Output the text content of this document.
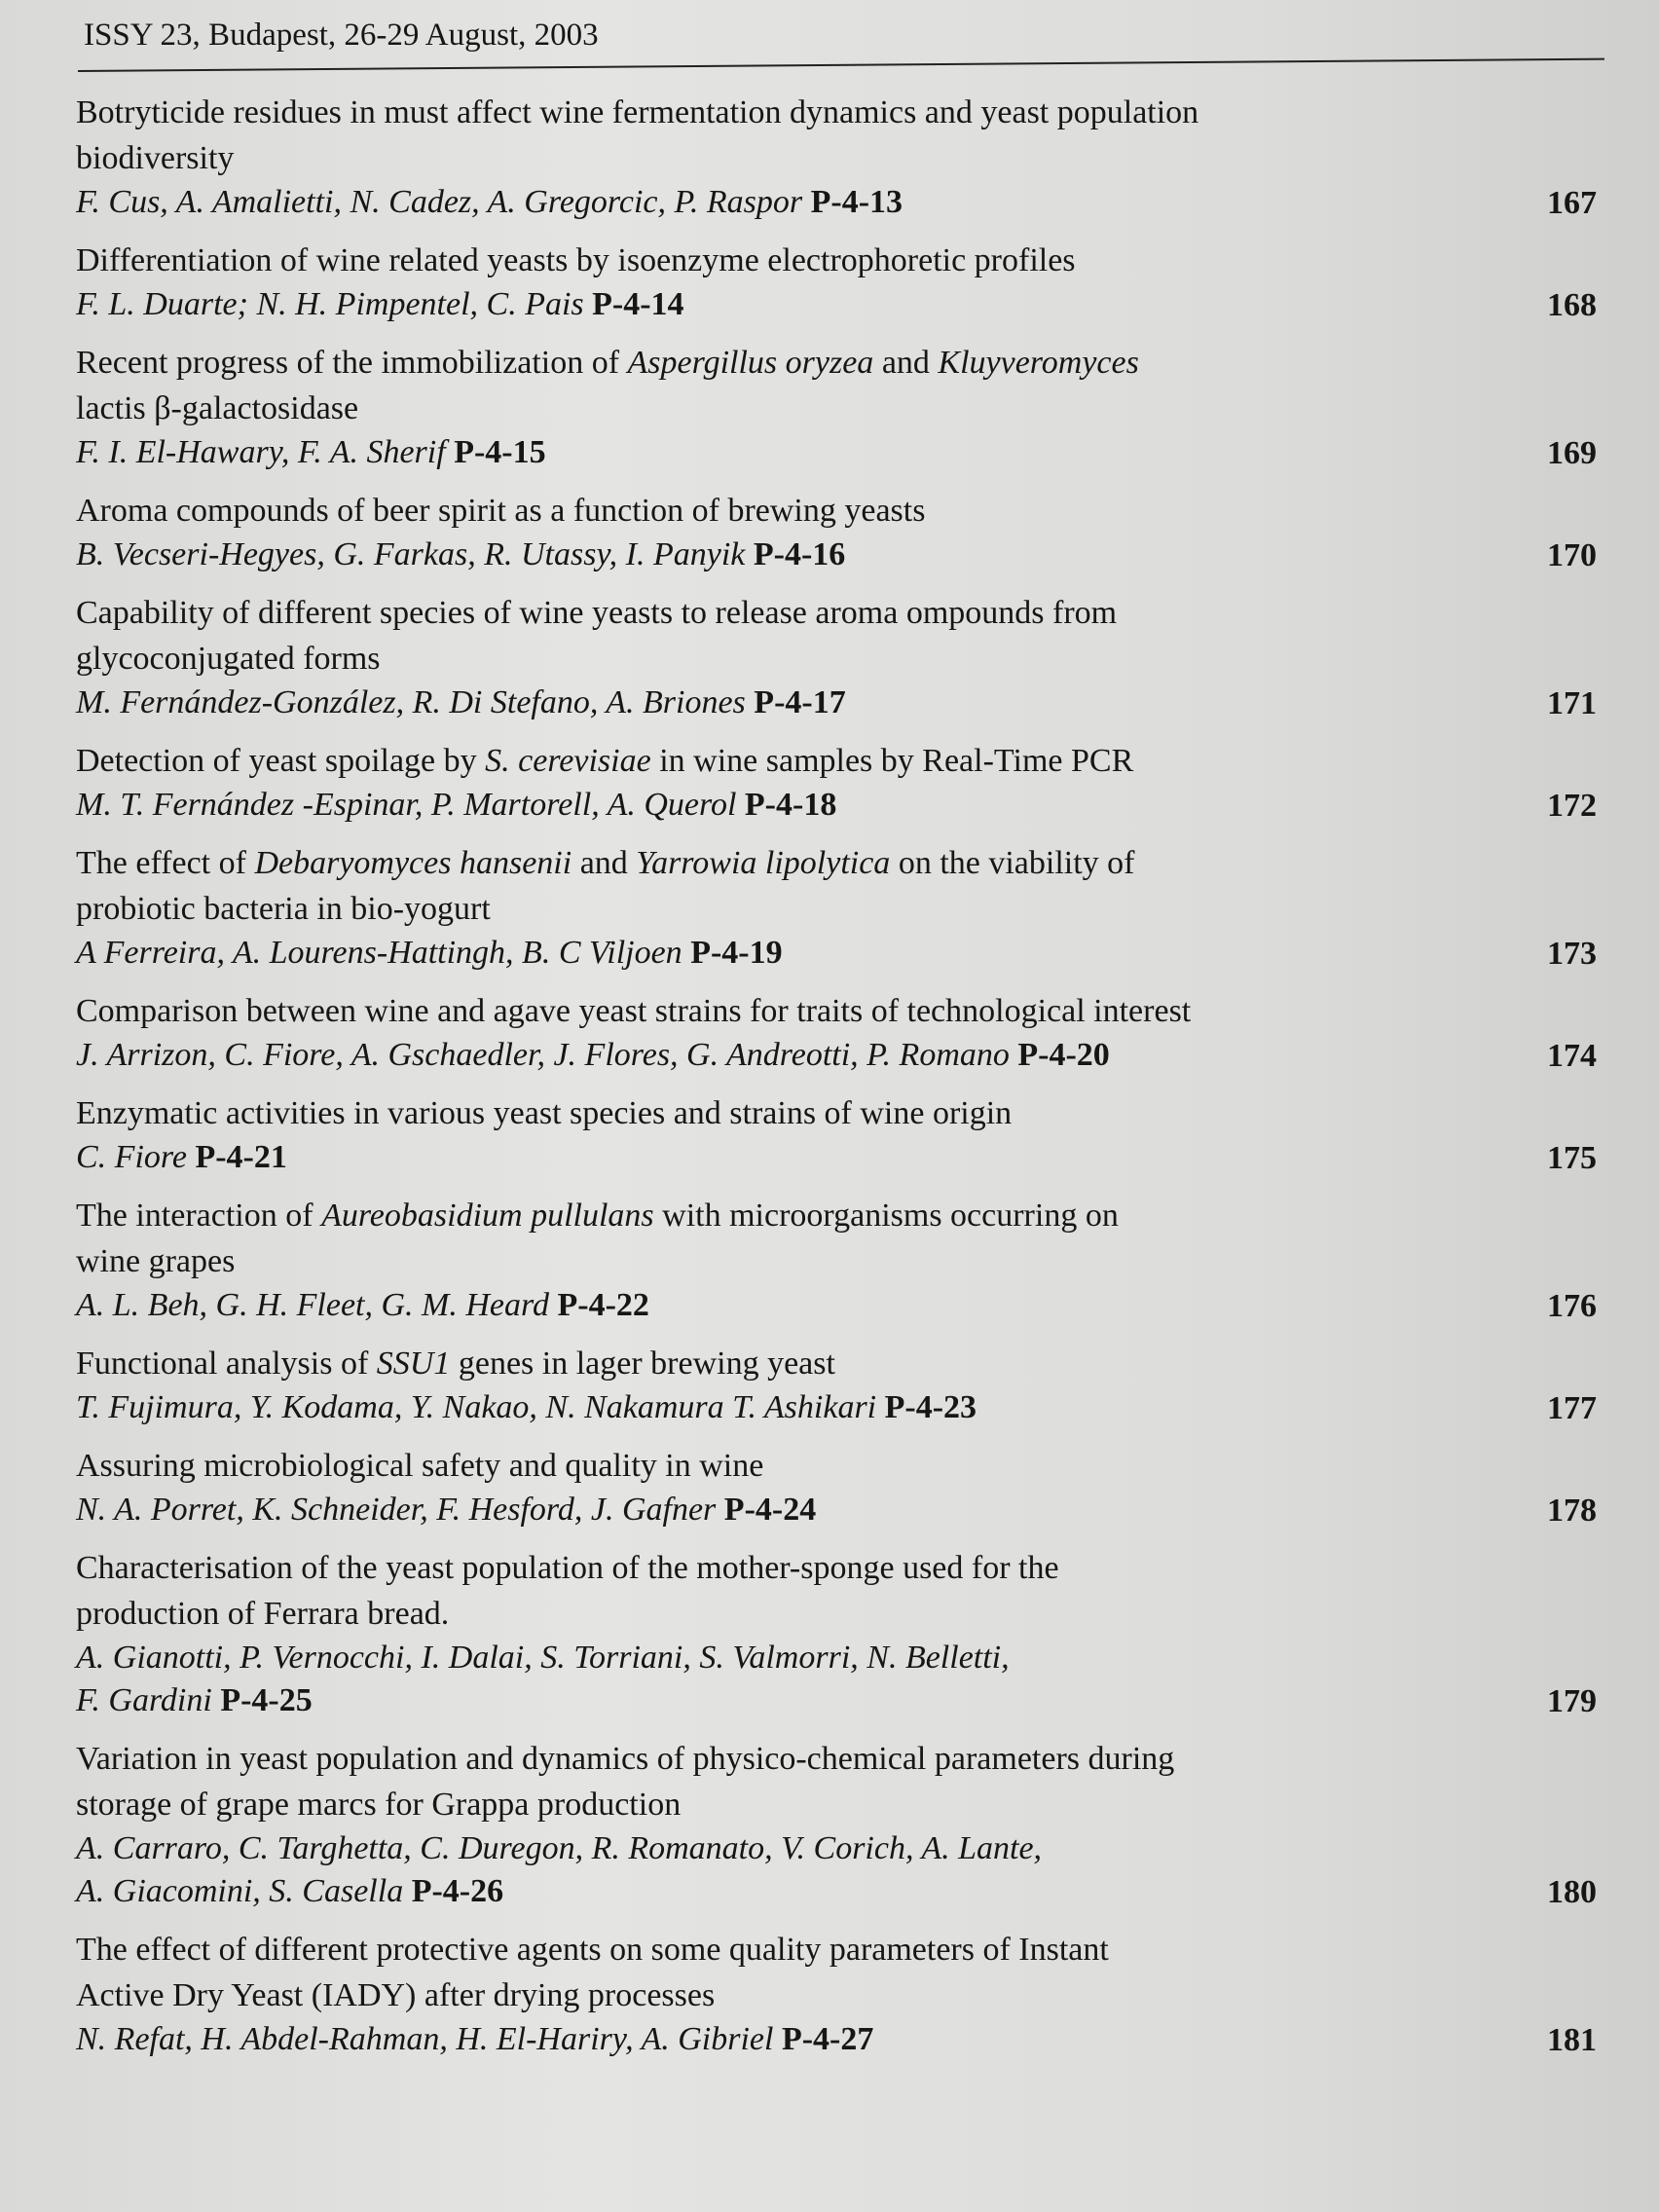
ISSY 23, Budapest, 26-29 August, 2003
Botryticide residues in must affect wine fermentation dynamics and yeast population
biodiversity
F. Cus, A. Amalietti, N. Cadez, A. Gregorcic, P. Raspor P-4-13	167
Differentiation of wine related yeasts by isoenzyme electrophoretic profiles
F. L. Duarte; N. H. Pimpentel, C. Pais P-4-14	168
Recent progress of the immobilization of Aspergillus oryzea and Kluyveromyces
lactis β-galactosidase
F. I. El-Hawary, F. A. Sherif P-4-15	169
Aroma compounds of beer spirit as a function of brewing yeasts
B. Vecseri-Hegyes, G. Farkas, R. Utassy, I. Panyik P-4-16	170
Capability of different species of wine yeasts to release aroma ompounds from
glycoconjugated forms
M. Fernández-González, R. Di Stefano, A. Briones P-4-17	171
Detection of yeast spoilage by S. cerevisiae in wine samples by Real-Time PCR
M. T. Fernández -Espinar, P. Martorell, A. Querol P-4-18	172
The effect of Debaryomyces hansenii and Yarrowia lipolytica on the viability of
probiotic bacteria in bio-yogurt
A Ferreira, A. Lourens-Hattingh, B. C Viljoen P-4-19	173
Comparison between wine and agave yeast strains for traits of technological interest
J. Arrizon, C. Fiore, A. Gschaedler, J. Flores, G. Andreotti, P. Romano P-4-20	174
Enzymatic activities in various yeast species and strains of wine origin
C. Fiore P-4-21	175
The interaction of Aureobasidium pullulans with microorganisms occurring on
wine grapes
A. L. Beh, G. H. Fleet, G. M. Heard P-4-22	176
Functional analysis of SSU1 genes in lager brewing yeast
T. Fujimura, Y. Kodama, Y. Nakao, N. Nakamura T. Ashikari P-4-23	177
Assuring microbiological safety and quality in wine
N. A. Porret, K. Schneider, F. Hesford, J. Gafner P-4-24	178
Characterisation of the yeast population of the mother-sponge used for the
production of Ferrara bread.
A. Gianotti, P. Vernocchi, I. Dalai, S. Torriani, S. Valmorri, N. Belletti,
F. Gardini P-4-25	179
Variation in yeast population and dynamics of physico-chemical parameters during
storage of grape marcs for Grappa production
A. Carraro, C. Targhetta, C. Duregon, R. Romanato, V. Corich, A. Lante,
A. Giacomini, S. Casella P-4-26	180
The effect of different protective agents on some quality parameters of Instant
Active Dry Yeast (IADY) after drying processes
N. Refat, H. Abdel-Rahman, H. El-Hariry, A. Gibriel P-4-27	181
